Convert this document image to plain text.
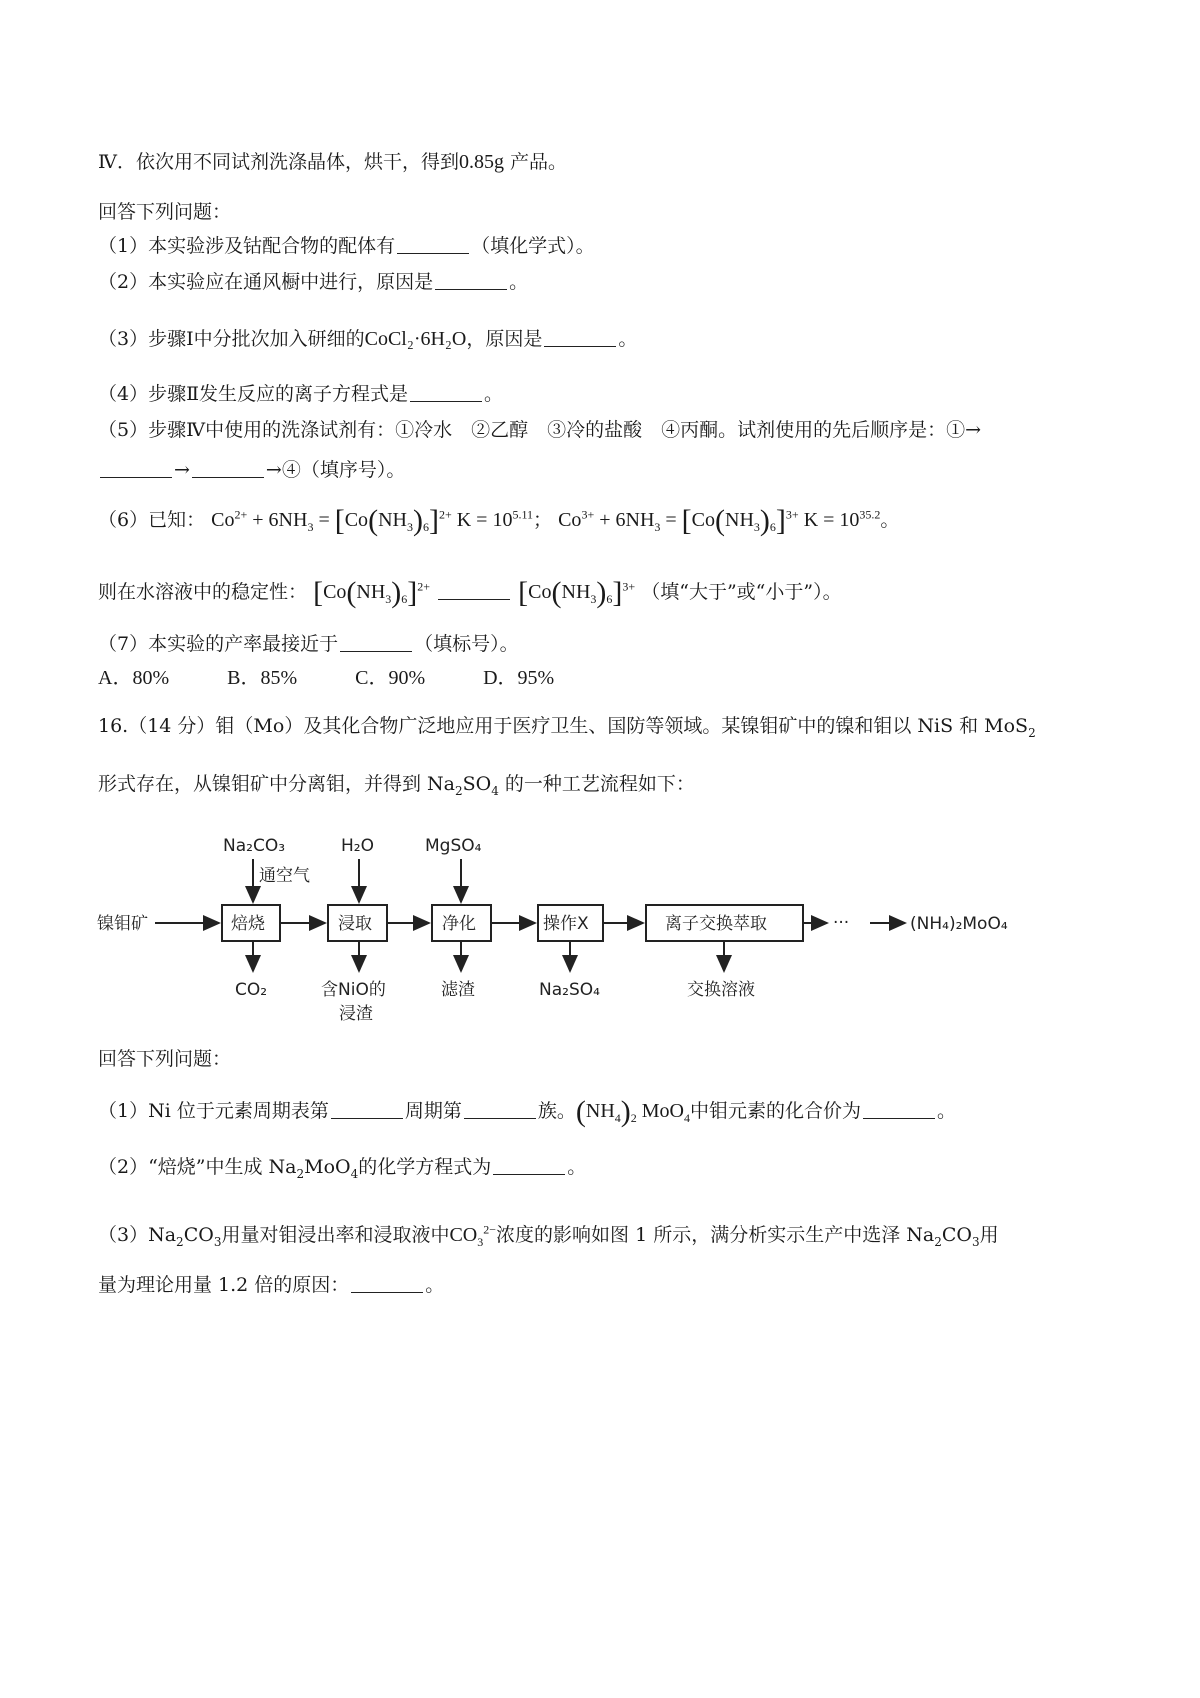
Ⅳ．依次用不同试剂洗涤晶体，烘干，得到0.85g 产品。
回答下列问题：
（1）本实验涉及钴配合物的配体有	（填化学式）。
（2）本实验应在通风橱中进行，原因是	。
（3）步骤Ⅰ中分批次加入研细的CoCl₂·6H₂O，原因是	。
（4）步骤Ⅱ发生反应的离子方程式是	。
（5）步骤Ⅳ中使用的洗涤试剂有：①冷水　②乙醇　③冷的盐酸　④丙酮。试剂使用的先后顺序是：①→
→	→④（填序号）。
（6）已知： $Co^{2+} + 6NH_3 = [Co(NH_3)_6]^{2+}$ $K = 10^{5.11}$； $Co^{3+} + 6NH_3 = [Co(NH_3)_6]^{3+}$ $K = 10^{35.2}$。
则在水溶液中的稳定性： $[Co(NH_3)_6]^{2+}$	$[Co(NH_3)_6]^{3+}$ （填“大于”或“小于”）。
（7）本实验的产率最接近于	（填标号）。
A．80%	B．85%	C．90%	D．95%
16.（14 分）钼（Mo）及其化合物广泛地应用于医疗卫生、国防等领域。某镍钼矿中的镍和钼以 NiS 和 MoS$_2$
形式存在，从镍钼矿中分离钼，并得到 $Na_2SO_4$ 的一种工艺流程如下：
镍钼矿	焙烧	浸取	净化	操作X	离子交换萃取
Na₂CO₃
通空气
H₂O	MgSO₄
CO₂	含NiO的
浸渣
滤渣	Na₂SO₄	交换溶液
···	(NH₄)₂MoO₄
回答下列问题：
（1）Ni 位于元素周期表第	周期第	族。$(NH_4)_2$ MoO$_4$中钼元素的化合价为	。
（2）“焙烧”中生成 $Na_2MoO_4$的化学方程式为	。
$(3)Na_2CO_3$用量对钼浸出率和浸取液中$CO_3^{2-}$浓度的影响如图 1 所示，满分析实示生产中选泽 $Na_2CO_3$用
量为理论用量 1.2 倍的原因：	。
